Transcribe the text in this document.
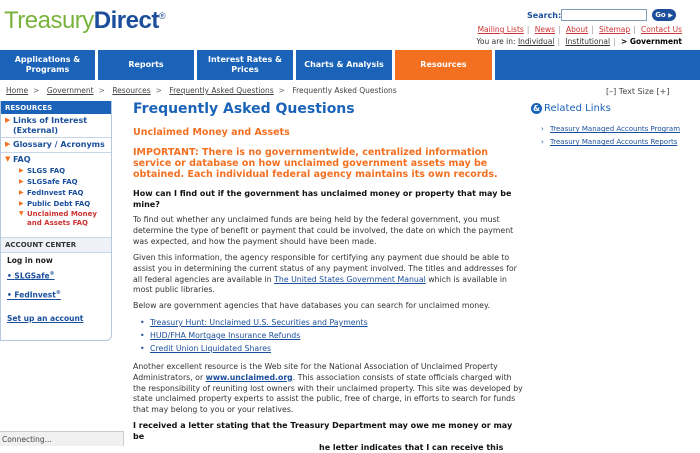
TreasuryDirect®	Search:	Go ▶
Mailing Lists | News | About | Sitemap | Contact Us
You are in: Individual | Institutional | > Government
Applications & Programs
Reports
Interest Rates & Prices
Charts & Analysis	Resources
Home > Government > Resources > Frequently Asked Questions > Frequently Asked Questions	[–] Text Size [+]
RESOURCES
▶ Links of Interest (External)
▶ Glossary / Acronyms
▼ FAQ
▶ SLGS FAQ
▶ SLGSafe FAQ
▶ FedInvest FAQ
▶ Public Debt FAQ
▼ Unclaimed Money and Assets FAQ
ACCOUNT CENTER
Log in now
• SLGSafe®
• FedInvest®
Set up an account
Frequently Asked Questions
Unclaimed Money and Assets
IMPORTANT: There is no governmentwide, centralized information service or database on how unclaimed government assets may be obtained. Each individual federal agency maintains its own records.
How can I find out if the government has unclaimed money or property that may be mine?
To find out whether any unclaimed funds are being held by the federal government, you must determine the type of benefit or payment that could be involved, the date on which the payment was expected, and how the payment should have been made.
Given this information, the agency responsible for certifying any payment due should be able to assist you in determining the current status of any payment involved. The titles and addresses for all federal agencies are available in The United States Government Manual which is available in most public libraries.
Below are government agencies that have databases you can search for unclaimed money.
• Treasury Hunt: Unclaimed U.S. Securities and Payments
• HUD/FHA Mortgage Insurance Refunds
• Credit Union Liquidated Shares
Another excellent resource is the Web site for the National Association of Unclaimed Property Administrators, or www.unclaimed.org. This association consists of state officials charged with the responsibility of reuniting lost owners with their unclaimed property. This site was developed by state unclaimed property experts to assist the public, free of charge, in efforts to search for funds that may belong to you or your relatives.
I received a letter stating that the Treasury Department may owe me money or may be
he letter indicates that I can receive this
& Related Links
› Treasury Managed Accounts Program
› Treasury Managed Accounts Reports
Connecting...
